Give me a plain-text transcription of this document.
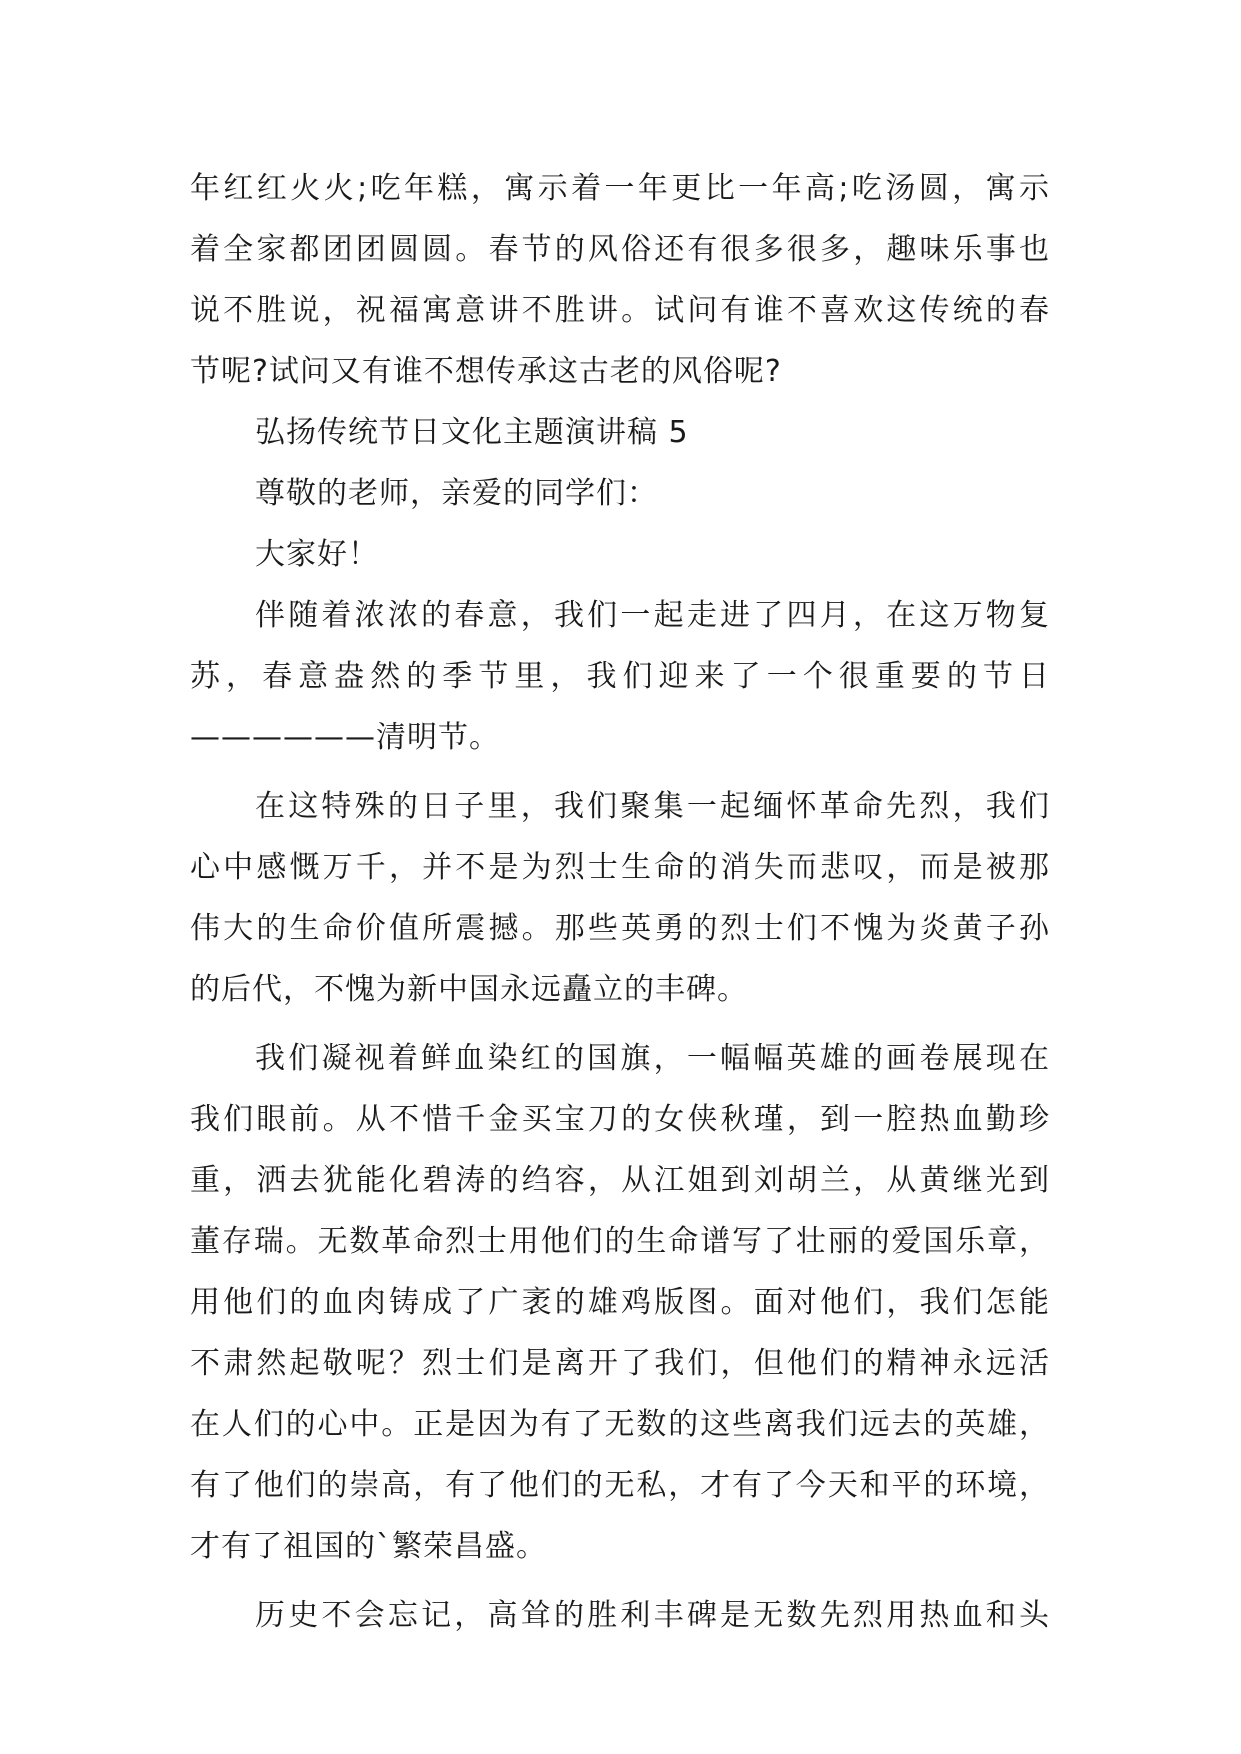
年红红火火;吃年糕，寓示着一年更比一年高;吃汤圆，寓示
着全家都团团圆圆。春节的风俗还有很多很多，趣味乐事也
说不胜说，祝福寓意讲不胜讲。试问有谁不喜欢这传统的春
节呢?试问又有谁不想传承这古老的风俗呢?
弘扬传统节日文化主题演讲稿 5
尊敬的老师，亲爱的同学们：
大家好！
伴随着浓浓的春意，我们一起走进了四月，在这万物复
苏，春意盎然的季节里，我们迎来了一个很重要的节日
——————清明节。
在这特殊的日子里，我们聚集一起缅怀革命先烈，我们
心中感慨万千，并不是为烈士生命的消失而悲叹，而是被那
伟大的生命价值所震撼。那些英勇的烈士们不愧为炎黄子孙
的后代，不愧为新中国永远矗立的丰碑。
我们凝视着鲜血染红的国旗，一幅幅英雄的画卷展现在
我们眼前。从不惜千金买宝刀的女侠秋瑾，到一腔热血勤珍
重，洒去犹能化碧涛的绉容，从江姐到刘胡兰，从黄继光到
董存瑞。无数革命烈士用他们的生命谱写了壮丽的爱国乐章，
用他们的血肉铸成了广袤的雄鸡版图。面对他们，我们怎能
不肃然起敬呢？烈士们是离开了我们，但他们的精神永远活
在人们的心中。正是因为有了无数的这些离我们远去的英雄，
有了他们的崇高，有了他们的无私，才有了今天和平的环境，
才有了祖国的`繁荣昌盛。
历史不会忘记，高耸的胜利丰碑是无数先烈用热血和头
